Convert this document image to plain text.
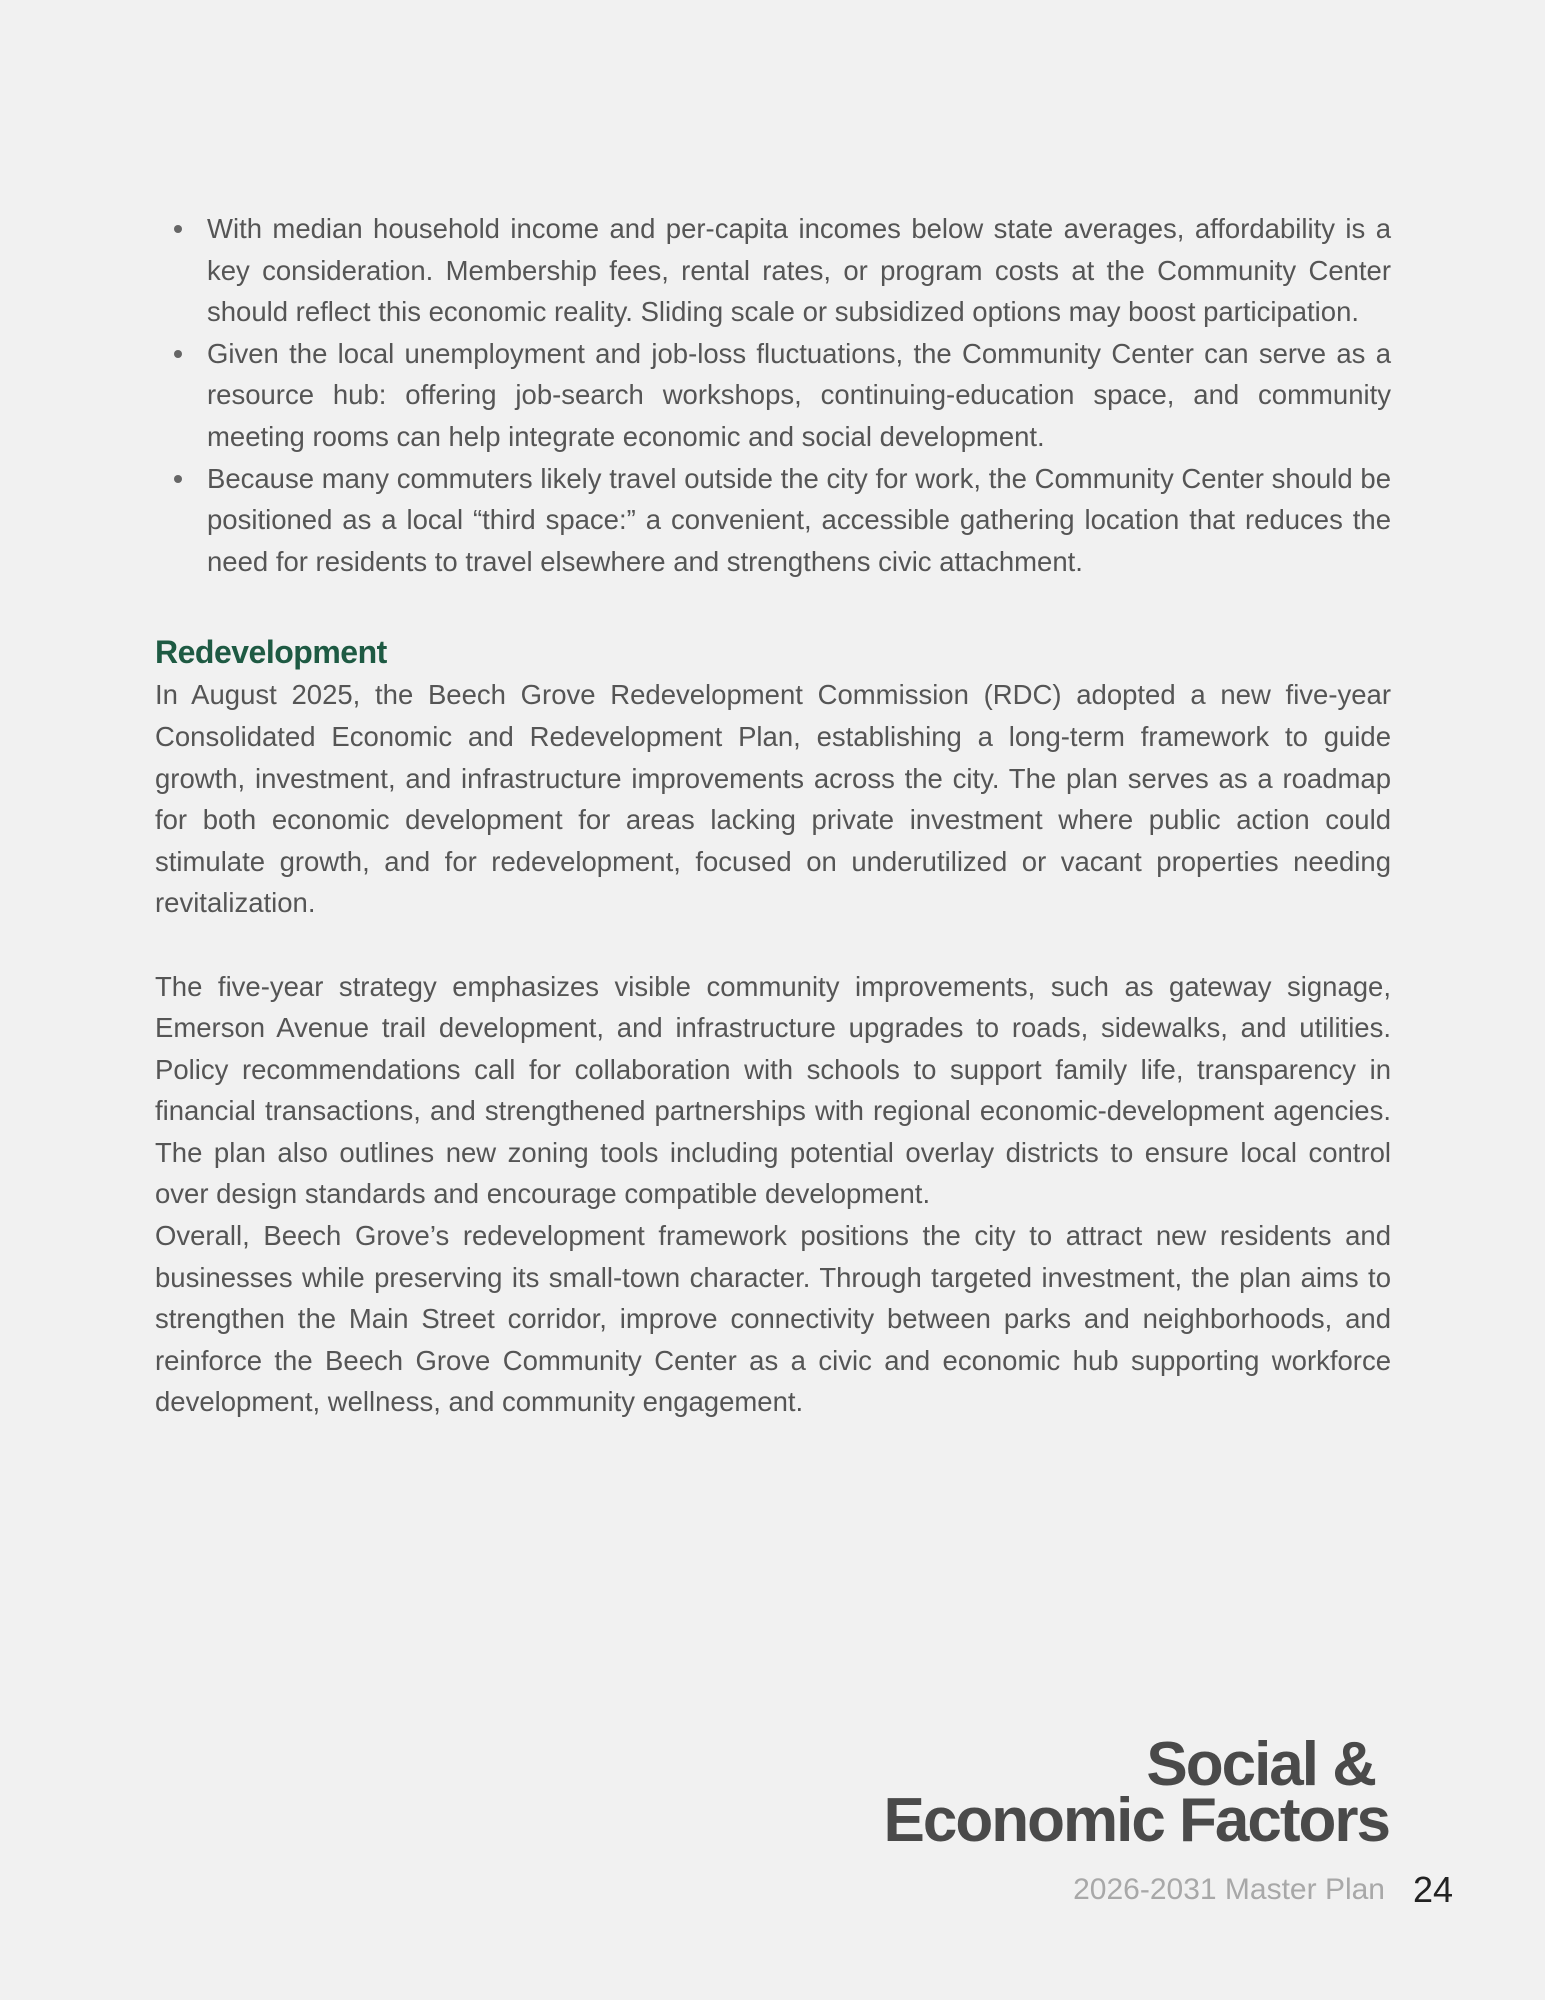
With median household income and per-capita incomes below state averages, affordability is a key consideration. Membership fees, rental rates, or program costs at the Community Center should reflect this economic reality. Sliding scale or subsidized options may boost participation.
Given the local unemployment and job-loss fluctuations, the Community Center can serve as a resource hub: offering job-search workshops, continuing-education space, and community meeting rooms can help integrate economic and social development.
Because many commuters likely travel outside the city for work, the Community Center should be positioned as a local “third space:” a convenient, accessible gathering location that reduces the need for residents to travel elsewhere and strengthens civic attachment.
Redevelopment

In August 2025, the Beech Grove Redevelopment Commission (RDC) adopted a new five-year Consolidated Economic and Redevelopment Plan, establishing a long-term framework to guide growth, investment, and infrastructure improvements across the city. The plan serves as a roadmap for both economic development for areas lacking private investment where public action could stimulate growth, and for redevelopment, focused on underutilized or vacant properties needing revitalization.

The five-year strategy emphasizes visible community improvements, such as gateway signage, Emerson Avenue trail development, and infrastructure upgrades to roads, sidewalks, and utilities. Policy recommendations call for collaboration with schools to support family life, transparency in financial transactions, and strengthened partnerships with regional economic-development agencies. The plan also outlines new zoning tools including potential overlay districts to ensure local control over design standards and encourage compatible development.

Overall, Beech Grove’s redevelopment framework positions the city to attract new residents and businesses while preserving its small-town character. Through targeted investment, the plan aims to strengthen the Main Street corridor, improve connectivity between parks and neighborhoods, and reinforce the Beech Grove Community Center as a civic and economic hub supporting workforce development, wellness, and community engagement.

Social &
Economic Factors
2026-2031 Master Plan 24
